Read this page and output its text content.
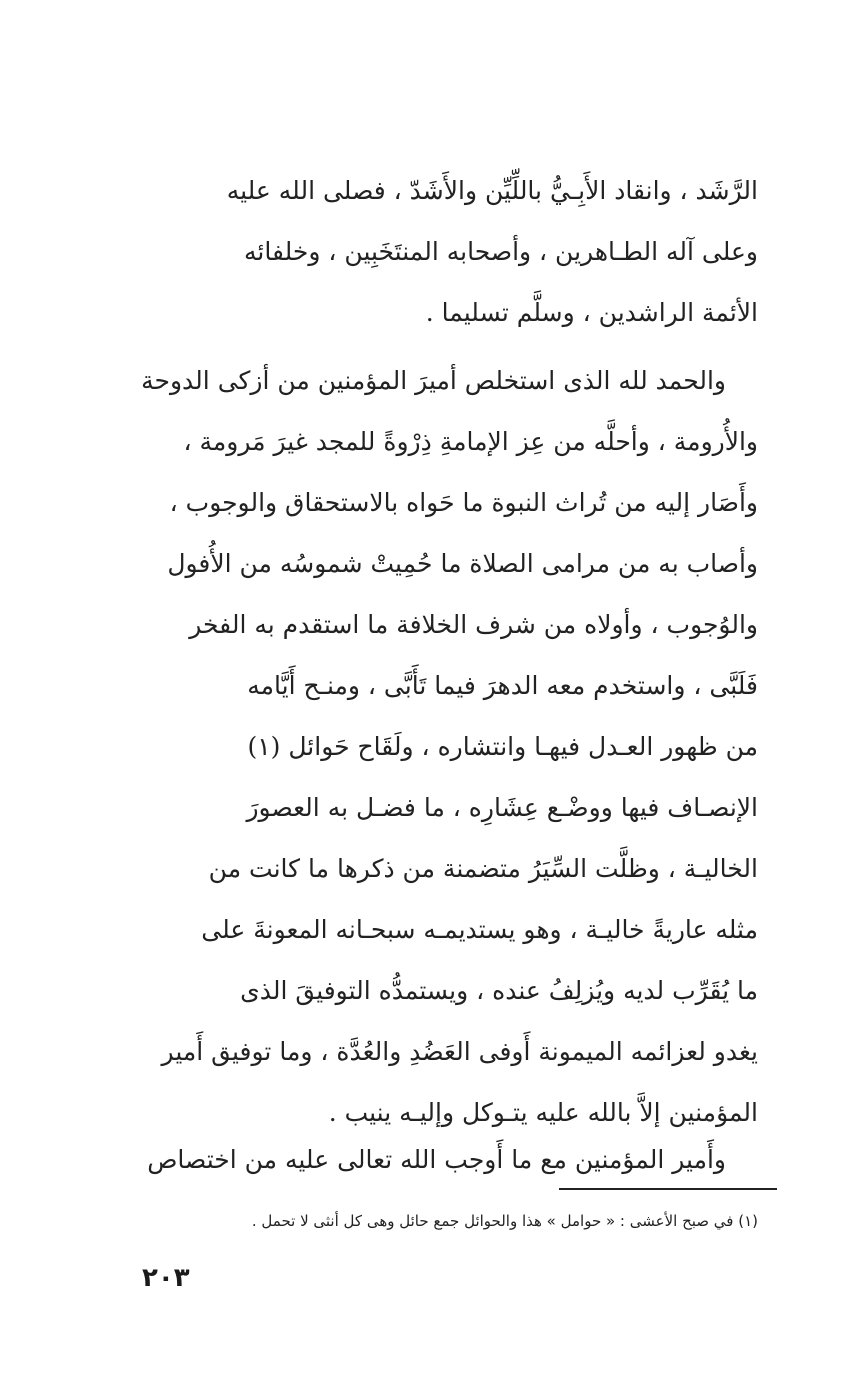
الرَّشَد ، وانقاد الأَبِـيُّ باللِّيِّن والأَشَدّ ، فصلى الله عليه
وعلى آله الطـاهرين ، وأصحابه المنتَخَبِين ، وخلفائه
الأئمة الراشدين ، وسلَّم تسليما .
والحمد لله الذى استخلص أميرَ المؤمنين من أزكى الدوحة
والأُرومة ، وأحلَّه من عِز الإمامةِ ذِرْوةً للمجد غيرَ مَرومة ،
وأَصَار إليه من تُراث النبوة ما حَواه بالاستحقاق والوجوب ،
وأصاب به من مرامى الصلاة ما حُمِيتْ شموسُه من الأُفول
والوُجوب ، وأولاه من شرف الخلافة ما استقدم به الفخر
فَلَبَّى ، واستخدم معه الدهرَ فيما تَأَبَّى ، ومنـح أَيَّامه
من ظهور العـدل فيهـا وانتشاره ، ولَقَاح حَوائل (١)
الإنصـاف فيها ووضْـع عِشَارِه ، ما فضـل به العصورَ
الخاليـة ، وظلَّت السِّيَرُ متضمنة من ذكرها ما كانت من
مثله عاريةً خاليـة ، وهو يستديمـه سبحـانه المعونةَ على
ما يُقَرِّب لديه ويُزلِفُ عنده ، ويستمدُّه التوفيقَ الذى
يغدو لعزائمه الميمونة أَوفى العَضُدِ والعُدَّة ، وما توفيق أَمير
المؤمنين إلاَّ بالله عليه يتـوكل وإليـه ينيب .
وأَمير المؤمنين مع ما أَوجب الله تعالى عليه من اختصاص
(١) في صبح الأعشى : « حوامل » هذا والحوائل جمع حائل وهى كل أنثى لا تحمل .
٢٠٣
